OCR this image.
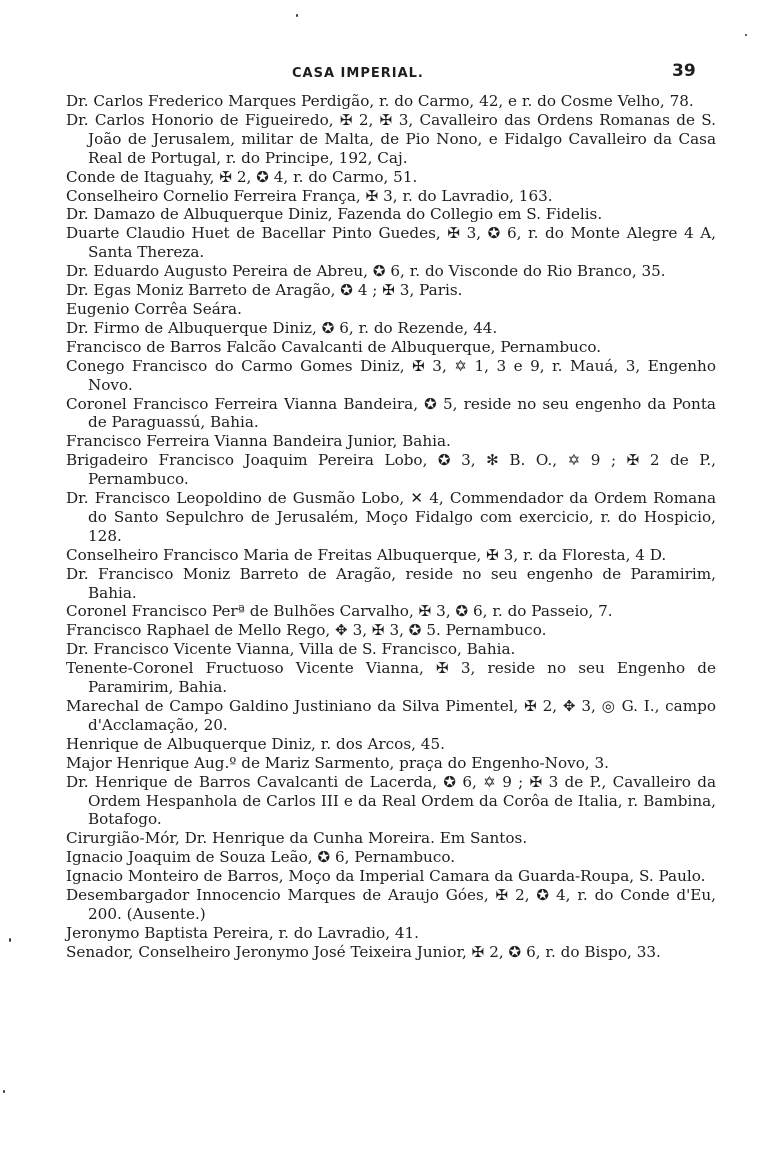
CASA IMPERIAL.	39

Dr. Carlos Frederico Marques Perdigão, r. do Carmo, 42, e r. do Cosme Velho, 78.

Dr. Carlos Honorio de Figueiredo, ✠ 2, ✠ 3, Cavalleiro das Ordens Romanas de S. João de Jerusalem, militar de Malta, de Pio Nono, e Fidalgo Cavalleiro da Casa Real de Portugal, r. do Principe, 192, Caj.

Conde de Itaguahy, ✠ 2, ✪ 4, r. do Carmo, 51.

Conselheiro Cornelio Ferreira França, ✠ 3, r. do Lavradio, 163.

Dr. Damazo de Albuquerque Diniz, Fazenda do Collegio em S. Fidelis.

Duarte Claudio Huet de Bacellar Pinto Guedes, ✠ 3, ✪ 6, r. do Monte Alegre 4 A, Santa Thereza.

Dr. Eduardo Augusto Pereira de Abreu, ✪ 6, r. do Visconde do Rio Branco, 35.

Dr. Egas Moniz Barreto de Aragão, ✪ 4 ; ✠ 3, Paris.

Eugenio Corrêa Seára.

Dr. Firmo de Albuquerque Diniz, ✪ 6, r. do Rezende, 44.

Francisco de Barros Falcão Cavalcanti de Albuquerque, Pernambuco.

Conego Francisco do Carmo Gomes Diniz, ✠ 3, ✡ 1, 3 e 9, r. Mauá, 3, Engenho Novo.

Coronel Francisco Ferreira Vianna Bandeira, ✪ 5, reside no seu engenho da Ponta de Paraguassú, Bahia.

Francisco Ferreira Vianna Bandeira Junior, Bahia.

Brigadeiro Francisco Joaquim Pereira Lobo, ✪ 3, ✻ B. O., ✡ 9 ; ✠ 2 de P., Pernambuco.

Dr. Francisco Leopoldino de Gusmão Lobo, ✕ 4, Commendador da Ordem Romana do Santo Sepulchro de Jerusalém, Moço Fidalgo com exercicio, r. do Hospicio, 128.

Conselheiro Francisco Maria de Freitas Albuquerque, ✠ 3, r. da Floresta, 4 D.

Dr. Francisco Moniz Barreto de Aragão, reside no seu engenho de Paramirim, Bahia.

Coronel Francisco Perª de Bulhões Carvalho, ✠ 3, ✪ 6, r. do Passeio, 7.

Francisco Raphael de Mello Rego, ✥ 3, ✠ 3, ✪ 5. Pernambuco.

Dr. Francisco Vicente Vianna, Villa de S. Francisco, Bahia.

Tenente-Coronel Fructuoso Vicente Vianna, ✠ 3, reside no seu Engenho de Paramirim, Bahia.

Marechal de Campo Galdino Justiniano da Silva Pimentel, ✠ 2, ✥ 3, ◎ G. I., campo d'Acclamação, 20.

Henrique de Albuquerque Diniz, r. dos Arcos, 45.

Major Henrique Aug.º de Mariz Sarmento, praça do Engenho-Novo, 3.

Dr. Henrique de Barros Cavalcanti de Lacerda, ✪ 6, ✡ 9 ; ✠ 3 de P., Cavalleiro da Ordem Hespanhola de Carlos III e da Real Ordem da Corôa de Italia, r. Bambina, Botafogo.

Cirurgião-Mór, Dr. Henrique da Cunha Moreira. Em Santos.

Ignacio Joaquim de Souza Leão, ✪ 6, Pernambuco.

Ignacio Monteiro de Barros, Moço da Imperial Camara da Guarda-Roupa, S. Paulo.

Desembargador Innocencio Marques de Araujo Góes, ✠ 2, ✪ 4, r. do Conde d'Eu, 200. (Ausente.)

Jeronymo Baptista Pereira, r. do Lavradio, 41.

Senador, Conselheiro Jeronymo José Teixeira Junior, ✠ 2, ✪ 6, r. do Bispo, 33.
